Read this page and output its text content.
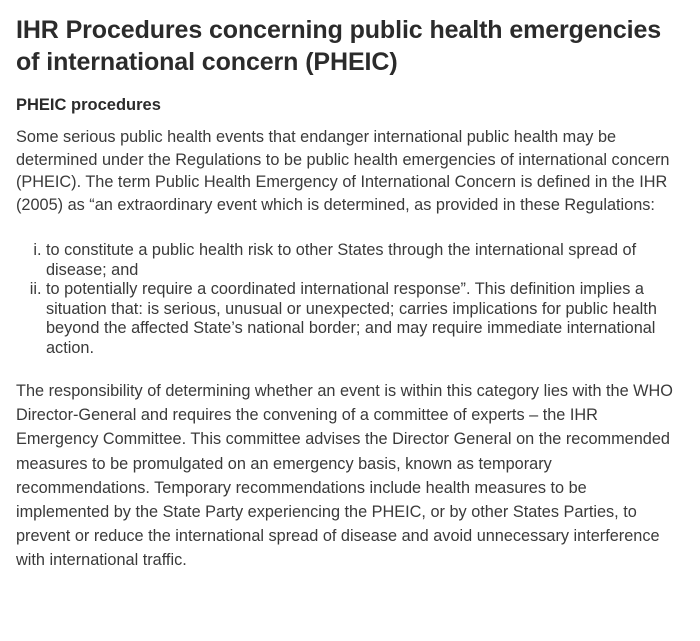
IHR Procedures concerning public health emergencies of international concern (PHEIC)
PHEIC procedures

Some serious public health events that endanger international public health may be determined under the Regulations to be public health emergencies of international concern (PHEIC). The term Public Health Emergency of International Concern is defined in the IHR (2005) as “an extraordinary event which is determined, as provided in these Regulations:

i. to constitute a public health risk to other States through the international spread of disease; and
ii. to potentially require a coordinated international response”. This definition implies a situation that: is serious, unusual or unexpected; carries implications for public health beyond the affected State’s national border; and may require immediate international action.

The responsibility of determining whether an event is within this category lies with the WHO Director-General and requires the convening of a committee of experts – the IHR Emergency Committee. This committee advises the Director General on the recommended measures to be promulgated on an emergency basis, known as temporary recommendations. Temporary recommendations include health measures to be implemented by the State Party experiencing the PHEIC, or by other States Parties, to prevent or reduce the international spread of disease and avoid unnecessary interference with international traffic.
